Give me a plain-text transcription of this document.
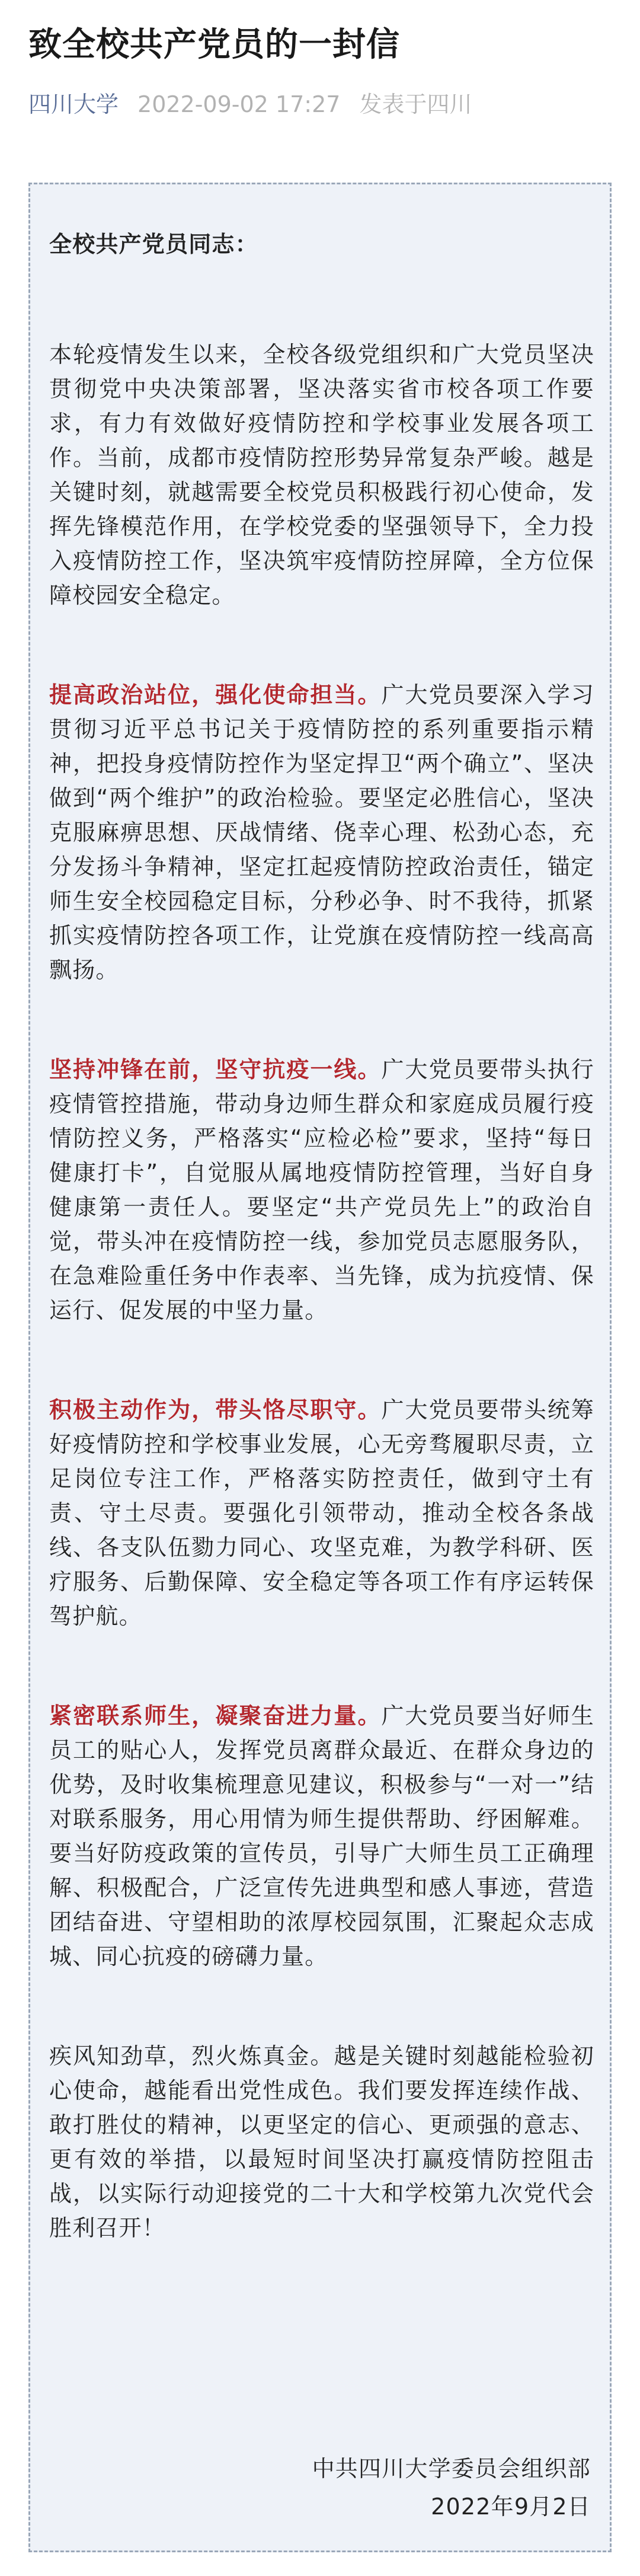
致全校共产党员的一封信
四川大学 2022-09-02 17:27 发表于四川

全校共产党员同志：

本轮疫情发生以来，全校各级党组织和广大党员坚决贯彻党中央决策部署，坚决落实省市校各项工作要求，有力有效做好疫情防控和学校事业发展各项工作。当前，成都市疫情防控形势异常复杂严峻。越是关键时刻，就越需要全校党员积极践行初心使命，发挥先锋模范作用，在学校党委的坚强领导下，全力投入疫情防控工作，坚决筑牢疫情防控屏障，全方位保障校园安全稳定。

提高政治站位，强化使命担当。广大党员要深入学习贯彻习近平总书记关于疫情防控的系列重要指示精神，把投身疫情防控作为坚定捍卫“两个确立”、坚决做到“两个维护”的政治检验。要坚定必胜信心，坚决克服麻痹思想、厌战情绪、侥幸心理、松劲心态，充分发扬斗争精神，坚定扛起疫情防控政治责任，锚定师生安全校园稳定目标，分秒必争、时不我待，抓紧抓实疫情防控各项工作，让党旗在疫情防控一线高高飘扬。

坚持冲锋在前，坚守抗疫一线。广大党员要带头执行疫情管控措施，带动身边师生群众和家庭成员履行疫情防控义务，严格落实“应检必检”要求，坚持“每日健康打卡”，自觉服从属地疫情防控管理，当好自身健康第一责任人。要坚定“共产党员先上”的政治自觉，带头冲在疫情防控一线，参加党员志愿服务队，在急难险重任务中作表率、当先锋，成为抗疫情、保运行、促发展的中坚力量。

积极主动作为，带头恪尽职守。广大党员要带头统筹好疫情防控和学校事业发展，心无旁骛履职尽责，立足岗位专注工作，严格落实防控责任，做到守土有责、守土尽责。要强化引领带动，推动全校各条战线、各支队伍勠力同心、攻坚克难，为教学科研、医疗服务、后勤保障、安全稳定等各项工作有序运转保驾护航。

紧密联系师生，凝聚奋进力量。广大党员要当好师生员工的贴心人，发挥党员离群众最近、在群众身边的优势，及时收集梳理意见建议，积极参与“一对一”结对联系服务，用心用情为师生提供帮助、纾困解难。要当好防疫政策的宣传员，引导广大师生员工正确理解、积极配合，广泛宣传先进典型和感人事迹，营造团结奋进、守望相助的浓厚校园氛围，汇聚起众志成城、同心抗疫的磅礴力量。

疾风知劲草，烈火炼真金。越是关键时刻越能检验初心使命，越能看出党性成色。我们要发挥连续作战、敢打胜仗的精神，以更坚定的信心、更顽强的意志、更有效的举措，以最短时间坚决打赢疫情防控阻击战，以实际行动迎接党的二十大和学校第九次党代会胜利召开！

中共四川大学委员会组织部

2022年9月2日
